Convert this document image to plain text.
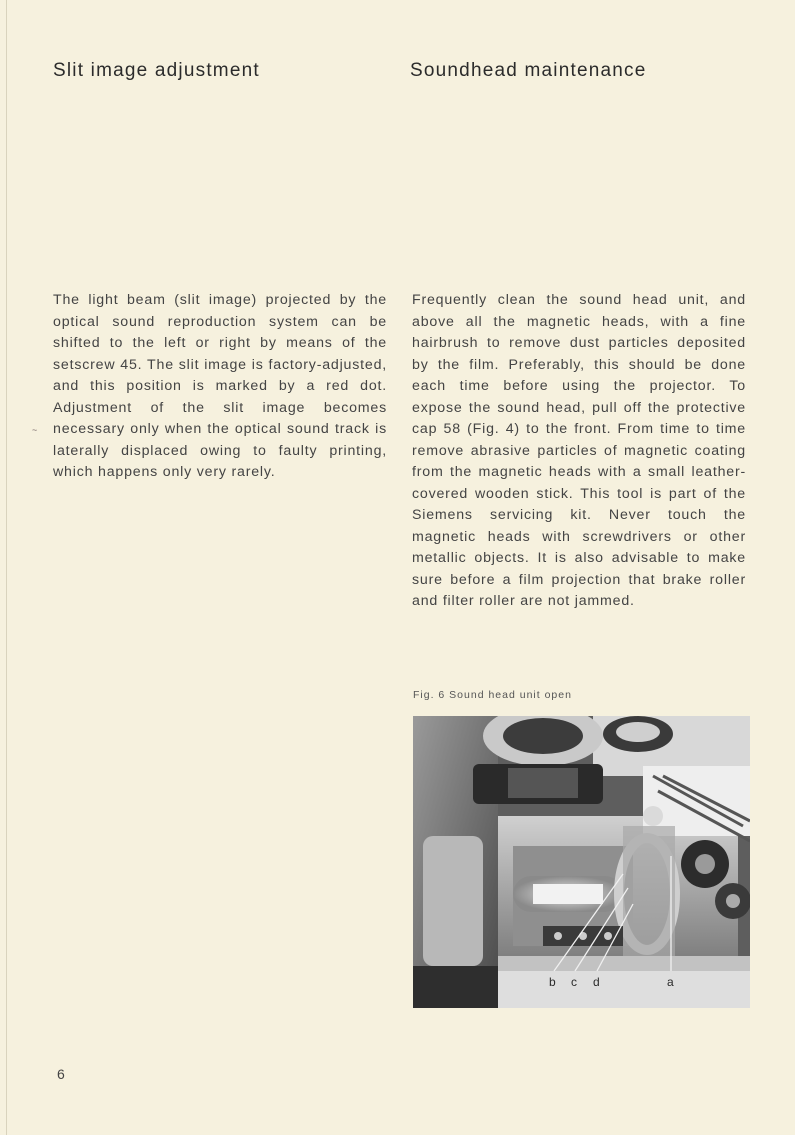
Slit image adjustment	Soundhead maintenance

The light beam (slit image) projected by the optical sound reproduction system can be shifted to the left or right by means of the setscrew 45. The slit image is factory-adjusted, and this position is marked by a red dot. Adjustment of the slit image becomes necessary only when the optical sound track is laterally displaced owing to faulty printing, which happens only very rarely.

~

Frequently clean the sound head unit, and above all the magnetic heads, with a fine hairbrush to remove dust particles deposited by the film. Preferably, this should be done each time before using the projector. To expose the sound head, pull off the protective cap 58 (Fig. 4) to the front. From time to time remove abrasive particles of magnetic coating from the magnetic heads with a small leather-covered wooden stick. This tool is part of the Siemens servicing kit. Never touch the magnetic heads with screwdrivers or other metallic objects. It is also advisable to make sure before a film projection that brake roller and filter roller are not jammed.

Fig. 6 Sound head unit open
b c d	a
6
